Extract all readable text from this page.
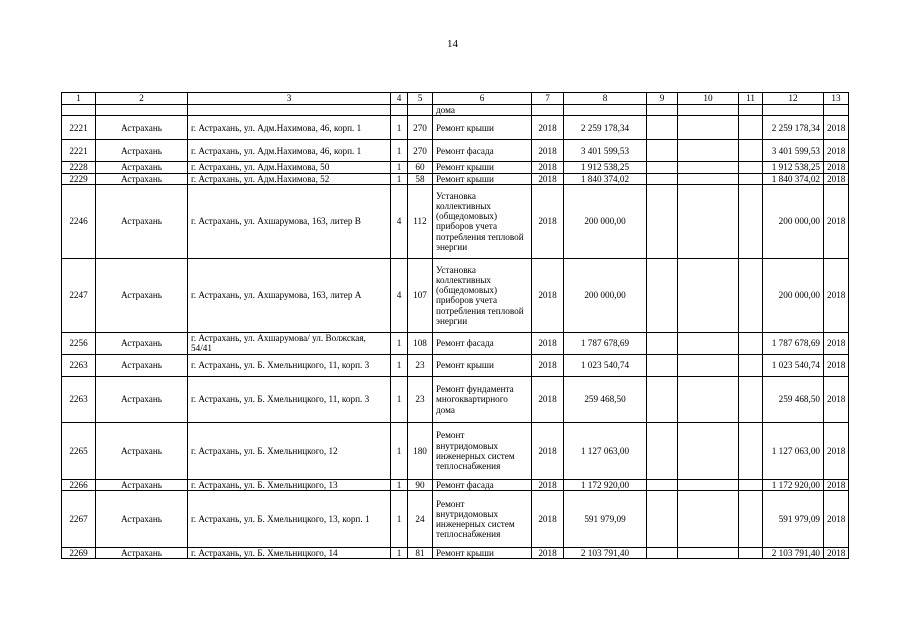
14
1	2	3	4	5	6	7	8	9	10	11	12	13
					дома							
2221	Астрахань	г. Астрахань, ул. Адм.Нахимова, 46, корп. 1	1	270	Ремонт крыши	2018	2 259 178,34				2 259 178,34	2018
2221	Астрахань	г. Астрахань, ул. Адм.Нахимова, 46, корп. 1	1	270	Ремонт фасада	2018	3 401 599,53				3 401 599,53	2018
2228	Астрахань	г. Астрахань, ул. Адм.Нахимова, 50	1	60	Ремонт крыши	2018	1 912 538,25				1 912 538,25	2018
2229	Астрахань	г. Астрахань, ул. Адм.Нахимова, 52	1	58	Ремонт крыши	2018	1 840 374,02				1 840 374,02	2018
2246	Астрахань	г. Астрахань, ул. Ахшарумова, 163, литер В	4	112	Установка коллективных (общедомовых) приборов учета потребления тепловой энергии	2018	200 000,00				200 000,00	2018
2247	Астрахань	г. Астрахань, ул. Ахшарумова, 163, литер А	4	107	Установка коллективных (общедомовых) приборов учета потребления тепловой энергии	2018	200 000,00				200 000,00	2018
2256	Астрахань	г. Астрахань, ул. Ахшарумова/ ул. Волжская, 54/41	1	108	Ремонт фасада	2018	1 787 678,69				1 787 678,69	2018
2263	Астрахань	г. Астрахань, ул. Б. Хмельницкого, 11, корп. 3	1	23	Ремонт крыши	2018	1 023 540,74				1 023 540,74	2018
2263	Астрахань	г. Астрахань, ул. Б. Хмельницкого, 11, корп. 3	1	23	Ремонт фундамента многоквартирного дома	2018	259 468,50				259 468,50	2018
2265	Астрахань	г. Астрахань, ул. Б. Хмельницкого, 12	1	180	Ремонт внутридомовых инженерных систем теплоснабжения	2018	1 127 063,00				1 127 063,00	2018
2266	Астрахань	г. Астрахань, ул. Б. Хмельницкого, 13	1	90	Ремонт фасада	2018	1 172 920,00				1 172 920,00	2018
2267	Астрахань	г. Астрахань, ул. Б. Хмельницкого, 13, корп. 1	1	24	Ремонт внутридомовых инженерных систем теплоснабжения	2018	591 979,09				591 979,09	2018
2269	Астрахань	г. Астрахань, ул. Б. Хмельницкого, 14	1	81	Ремонт крыши	2018	2 103 791,40				2 103 791,40	2018
